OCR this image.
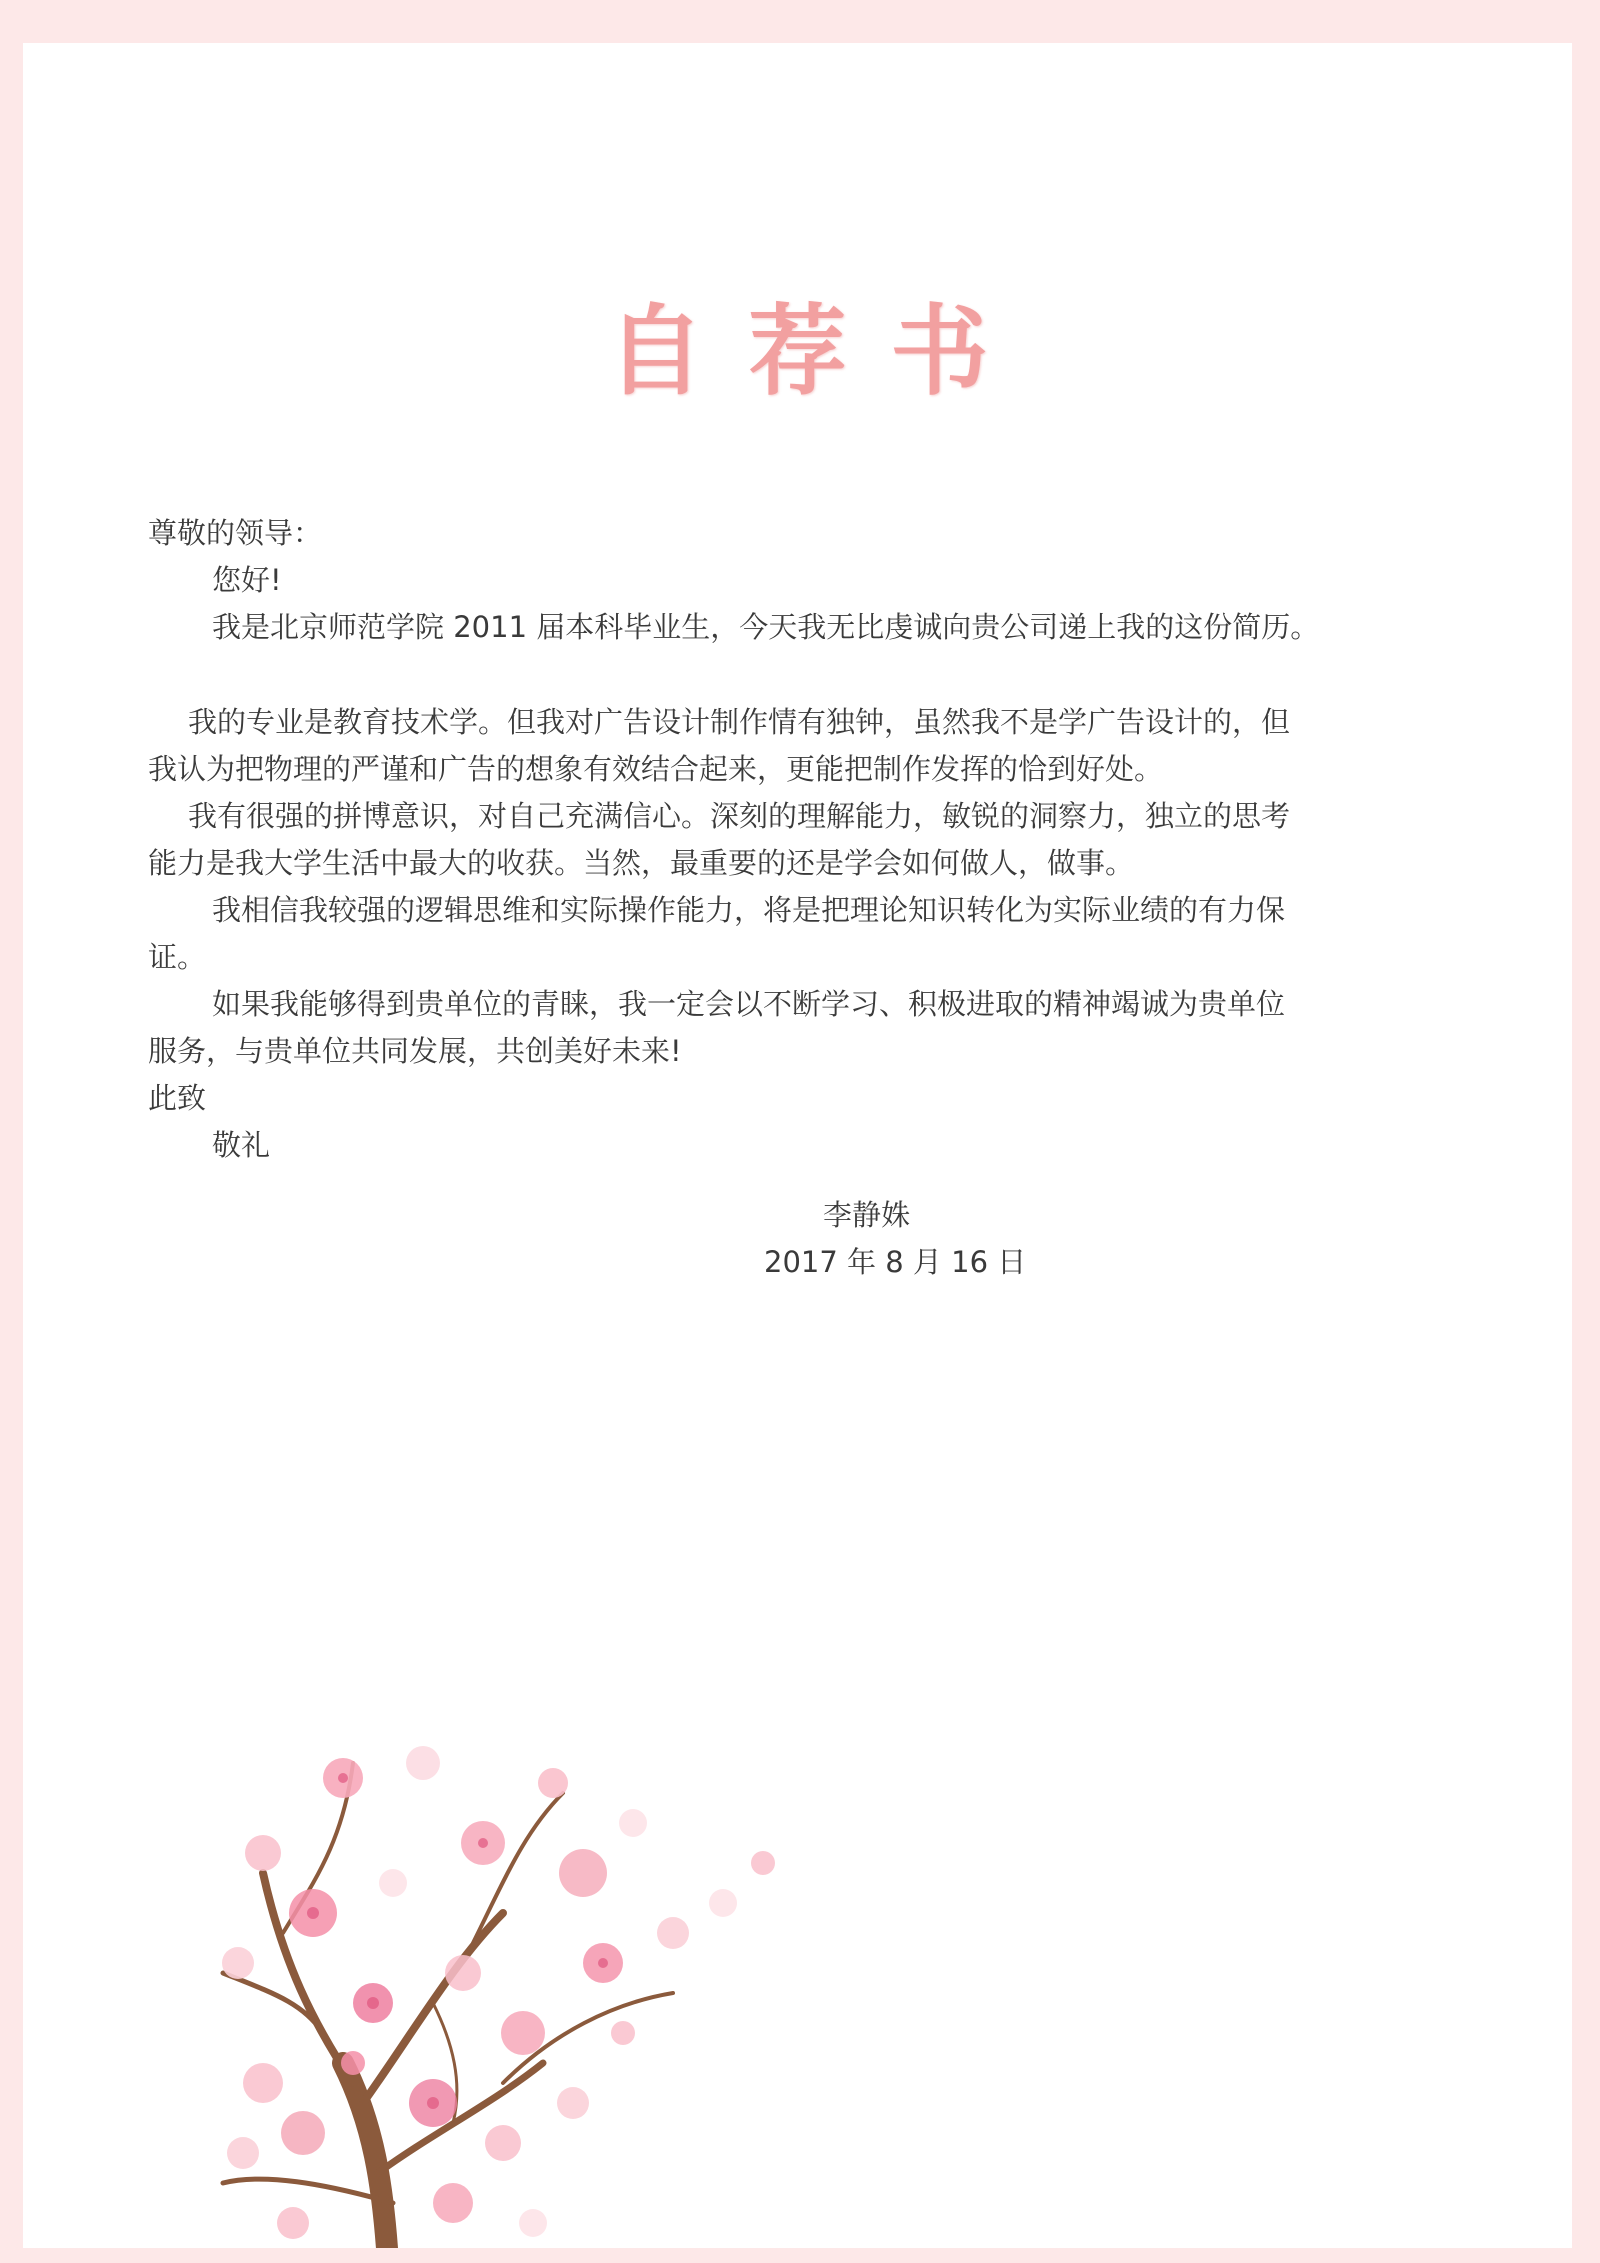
自荐书
尊敬的领导：
您好!
我是北京师范学院 2011 届本科毕业生，今天我无比虔诚向贵公司递上我的这份简历。
我的专业是教育技术学。但我对广告设计制作情有独钟，虽然我不是学广告设计的，但
我认为把物理的严谨和广告的想象有效结合起来，更能把制作发挥的恰到好处。
我有很强的拼博意识，对自己充满信心。深刻的理解能力，敏锐的洞察力，独立的思考
能力是我大学生活中最大的收获。当然，最重要的还是学会如何做人，做事。
我相信我较强的逻辑思维和实际操作能力，将是把理论知识转化为实际业绩的有力保
证。
如果我能够得到贵单位的青睐，我一定会以不断学习、积极进取的精神竭诚为贵单位
服务，与贵单位共同发展，共创美好未来!
此致
敬礼
李静姝
2017 年 8 月 16 日
